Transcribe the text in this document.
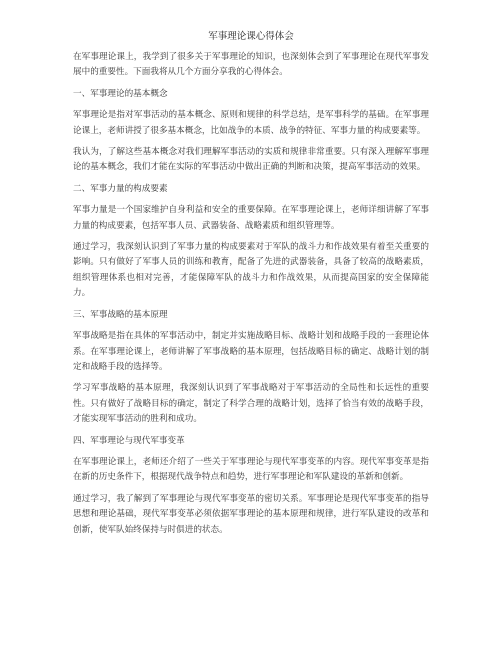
军事理论课心得体会

在军事理论课上，我学到了很多关于军事理论的知识，也深刻体会到了军事理论在现代军事发展中的重要性。下面我将从几个方面分享我的心得体会。

一、军事理论的基本概念

军事理论是指对军事活动的基本概念、原则和规律的科学总结，是军事科学的基础。在军事理论课上，老师讲授了很多基本概念，比如战争的本质、战争的特征、军事力量的构成要素等。

我认为，了解这些基本概念对我们理解军事活动的实质和规律非常重要。只有深入理解军事理论的基本概念，我们才能在实际的军事活动中做出正确的判断和决策，提高军事活动的效果。

二、军事力量的构成要素

军事力量是一个国家维护自身利益和安全的重要保障。在军事理论课上，老师详细讲解了军事力量的构成要素，包括军事人员、武器装备、战略素质和组织管理等。

通过学习，我深刻认识到了军事力量的构成要素对于军队的战斗力和作战效果有着至关重要的影响。只有做好了军事人员的训练和教育，配备了先进的武器装备，具备了较高的战略素质，组织管理体系也相对完善，才能保障军队的战斗力和作战效果，从而提高国家的安全保障能力。

三、军事战略的基本原理

军事战略是指在具体的军事活动中，制定并实施战略目标、战略计划和战略手段的一套理论体系。在军事理论课上，老师讲解了军事战略的基本原理，包括战略目标的确定、战略计划的制定和战略手段的选择等。

学习军事战略的基本原理，我深刻认识到了军事战略对于军事活动的全局性和长远性的重要性。只有做好了战略目标的确定，制定了科学合理的战略计划，选择了恰当有效的战略手段，才能实现军事活动的胜利和成功。

四、军事理论与现代军事变革

在军事理论课上，老师还介绍了一些关于军事理论与现代军事变革的内容。现代军事变革是指在新的历史条件下，根据现代战争特点和趋势，进行军事理论和军队建设的革新和创新。

通过学习，我了解到了军事理论与现代军事变革的密切关系。军事理论是现代军事变革的指导思想和理论基础，现代军事变革必须依据军事理论的基本原理和规律，进行军队建设的改革和创新，使军队始终保持与时俱进的状态。
